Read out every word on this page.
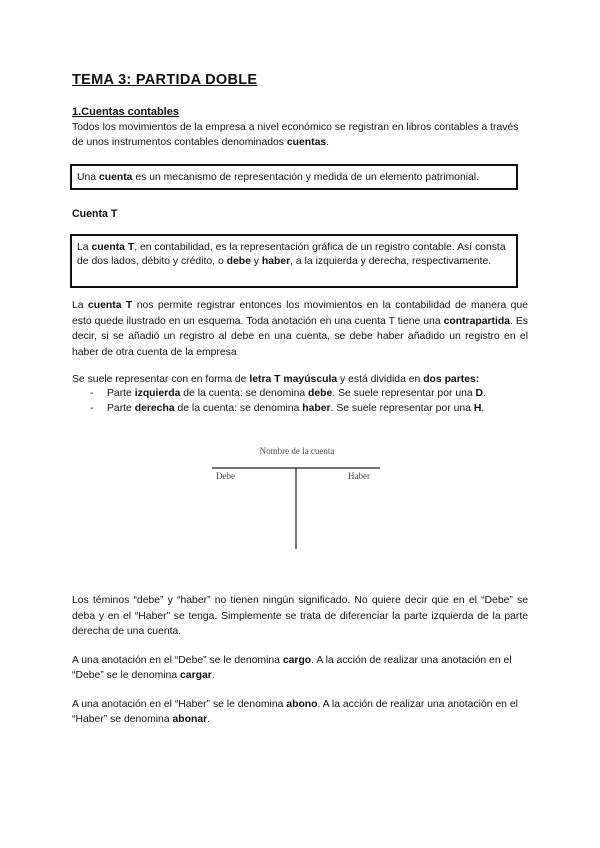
TEMA 3: PARTIDA DOBLE
1.Cuentas contables
Todos los movimientos de la empresa a nivel económico se registran en libros contables a través de unos instrumentos contables denominados cuentas.
Una cuenta es un mecanismo de representación y medida de un elemento patrimonial.
Cuenta T
La cuenta T, en contabilidad, es la representación gráfica de un registro contable. Así consta de dos lados, débito y crédito, o debe y haber, a la izquierda y derecha, respectivamente.
La cuenta T nos permite registrar entonces los movimientos en la contabilidad de manera que esto quede ilustrado en un esquema. Toda anotación en una cuenta T tiene una contrapartida. Es decir, si se añadió un registro al debe en una cuenta, se debe haber añadido un registro en el haber de otra cuenta de la empresa
Se suele representar con en forma de letra T mayúscula y está dividida en dos partes:
- Parte izquierda de la cuenta: se denomina debe. Se suele representar por una D.
- Parte derecha de la cuenta: se denomina haber. Se suele representar por una H.
Nombre de la cuenta
Debe	Haber
Los téminos “debe” y “haber” no tienen ningún significado. No quiere decir que en el “Debe” se deba y en el “Haber” se tenga. Simplemente se trata de diferenciar la parte izquierda de la parte derecha de una cuenta.
A una anotación en el “Debe” se le denomina cargo. A la acción de realizar una anotación en el “Debe” se le denomina cargar.
A una anotación en el “Haber” se le denomina abono. A la acción de realizar una anotación en el “Haber” se denomina abonar.
